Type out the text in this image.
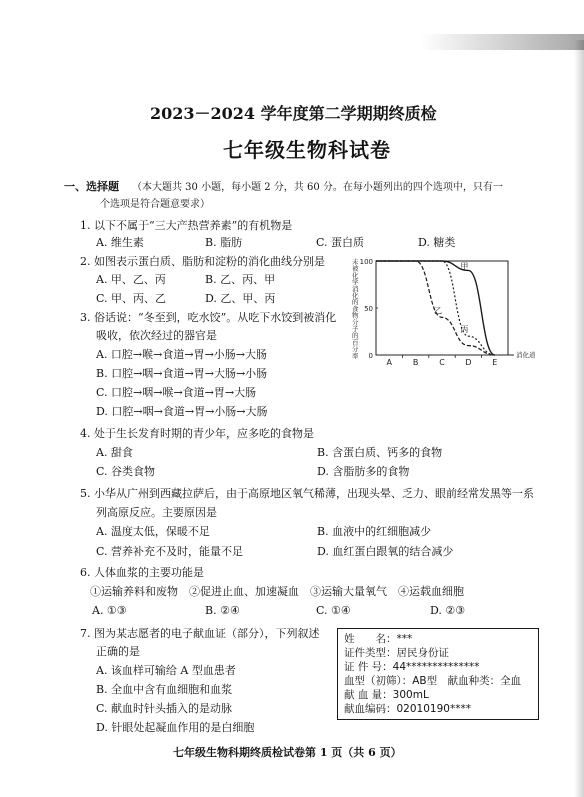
2023－2024 学年度第二学期期终质检
七年级生物科试卷
一、选择题 （本大题共 30 小题，每小题 2 分，共 60 分。在每小题列出的四个选项中，只有一
个选项是符合题意要求）
1. 以下不属于“三大产热营养素”的有机物是
A. 维生素	B. 脂肪	C. 蛋白质	D. 糖类
2. 如图表示蛋白质、脂肪和淀粉的消化曲线分别是
A. 甲、乙、丙	B. 乙、丙、甲
C. 甲、丙、乙	D. 乙、甲、丙
未被化学消化的食物分子的百分率
甲
乙
丙
100
50
0
A	B	C	D	E
消化道
3. 俗话说：“冬至到，吃水饺”。从吃下水饺到被消化
吸收，依次经过的器官是
A. 口腔→喉→食道→胃→小肠→大肠
B. 口腔→咽→食道→胃→大肠→小肠
C. 口腔→咽→喉→食道→胃→大肠
D. 口腔→咽→食道→胃→小肠→大肠
4. 处于生长发育时期的青少年，应多吃的食物是
A. 甜食	B. 含蛋白质、钙多的食物
C. 谷类食物	D. 含脂肪多的食物
5. 小华从广州到西藏拉萨后，由于高原地区氧气稀薄，出现头晕、乏力、眼前经常发黑等一系
列高原反应。主要原因是
A. 温度太低，保暖不足	B. 血液中的红细胞减少
C. 营养补充不及时，能量不足	D. 血红蛋白跟氧的结合减少
6. 人体血浆的主要功能是
①运输养料和废物　②促进止血、加速凝血　③运输大量氧气　④运载血细胞
A. ①③	B. ②④	C. ①④	D. ②③
7. 图为某志愿者的电子献血证（部分），下列叙述
正确的是
A. 该血样可输给 A 型血患者
B. 全血中含有血细胞和血浆
C. 献血时针头插入的是动脉
D. 针眼处起凝血作用的是白细胞
姓　　名：***
证件类型：居民身份证
证 件 号：44**************
血型（初筛）：AB型　献血种类：全血
献 血 量：300mL
献血编码：02010190****
七年级生物科期终质检试卷第 1 页（共 6 页）
